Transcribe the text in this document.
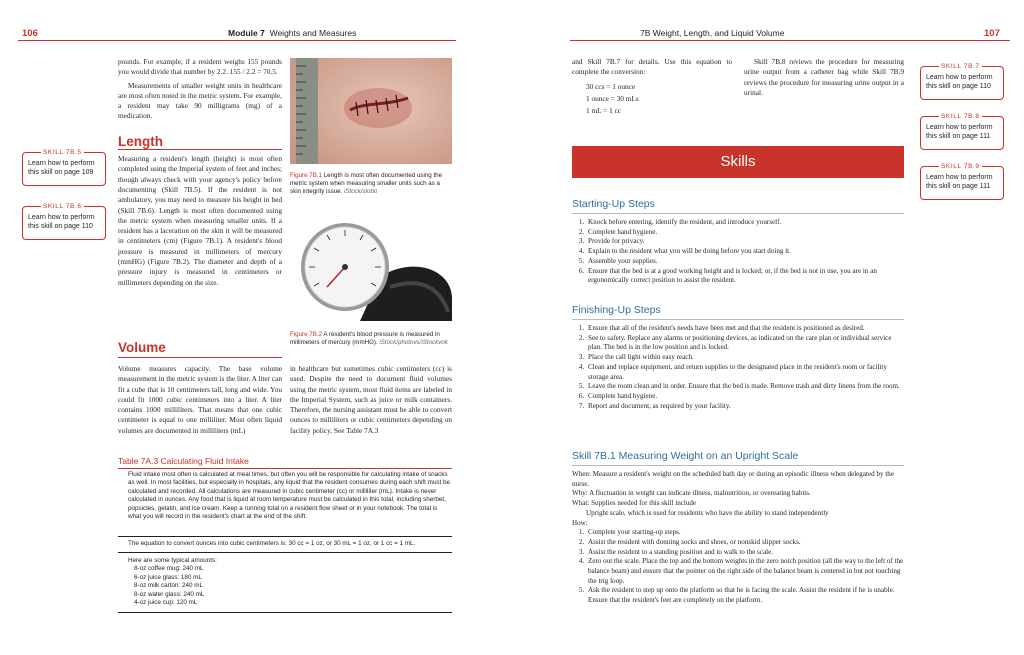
106	Module 7 Weights and Measures
SKILL 7B.5
Learn how to perform this skill on page 109
SKILL 7B.6
Learn how to perform this skill on page 110

pounds. For example, if a resident weighs 155 pounds you would divide that number by 2.2. 155 / 2.2 = 70.5.

Measurements of smaller weight units in healthcare are most often noted in the metric system. For example, a resident may take 90 milligrams (mg) of a medication.

Length

Measuring a resident's length (height) is most often completed using the Imperial system of feet and inches; though always check with your agency's policy before documenting (Skill 7B.5). If the resident is not ambulatory, you may need to measure his height in bed (Skill 7B.6). Length is most often documented using the metric system when measuring smaller units. If a resident has a laceration on the skin it will be measured in centimeters (cm) (Figure 7B.1). A resident's blood pressure is measured in millimeters of mercury (mmHG) (Figure 7B.2). The diameter and depth of a pressure injury is measured in centimeters or millimeters depending on the size.

Figure 7B.1 Length is most often documented using the metric system when measuring smaller units such as a skin integrity issue. iStock/slobo
Figure 7B.2 A resident's blood pressure is measured in millimeters of mercury (mmHG). iStock/photovs/iStockvok
Volume
Volume measures capacity. The base volume measurement in the metric system is the liter. A liter can fit a cube that is 10 centimeters tall, long and wide. You could fit 1000 cubic centimeters into a liter. A liter contains 1000 milliliters. That means that one cubic centimeter is equal to one milliliter. Most often liquid volumes are documented in milliliters (mL)
in healthcare but sometimes cubic centimeters (cc) is used. Despite the need to document fluid volumes using the metric system, most fluid items are labeled in the Imperial System, such as juice or milk containers. Therefore, the nursing assistant must be able to convert ounces to milliliters or cubic centimeters depending on facility policy. See Table 7A.3
Table 7A.3 Calculating Fluid Intake
Fluid intake most often is calculated at meal times, but often you will be responsible for calculating intake of snacks as well. In most facilities, but especially in hospitals, any liquid that the resident consumes during each shift must be calculated and recorded. All calculations are measured in cubic centimeter (cc) or milliliter (mL). Intake is never calculated in ounces. Any food that is liquid at room temperature must be calculated in this total, including sherbet, popsicles, gelatin, and ice cream. Keep a running total on a resident flow sheet or in your notebook. The total is what you will record in the resident's chart at the end of the shift.
The equation to convert ounces into cubic centimeters is: 30 cc = 1 oz, or 30 mL = 1 oz, or 1 cc = 1 mL.
Here are some typical amounts:
8-oz coffee mug: 240 mL
6-oz juice glass: 180 mL
8-oz milk carton: 240 mL
8-oz water glass: 240 mL
4-oz juice cup: 120 mL
7B Weight, Length, and Liquid Volume	107

and Skill 7B.7 for details. Use this equation to complete the conversion:

30 ccs = 1 ounce
1 ounce = 30 mLs
1 mL = 1 cc
Skill 7B.8 reviews the procedure for measuring urine output from a catheter bag while Skill 7B.9 reviews the procedure for measuring urine output in a urinal.
SKILL 7B.7
Learn how to perform this skill on page 110
SKILL 7B.8
Learn how to perform this skill on page 111
SKILL 7B.9
Learn how to perform this skill on page 111
Skills
Starting-Up Steps
1. Knock before entering, identify the resident, and introduce yourself.
2. Complete hand hygiene.
3. Provide for privacy.
4. Explain to the resident what you will be doing before you start doing it.
5. Assemble your supplies.
6. Ensure that the bed is at a good working height and is locked; or, if the bed is not in use, you are in an ergonomically correct position to assist the resident.
Finishing-Up Steps
1. Ensure that all of the resident's needs have been met and that the resident is positioned as desired.
2. See to safety. Replace any alarms or positioning devices, as indicated on the care plan or individual service plan. The bed is in the low position and is locked.
3. Place the call light within easy reach.
4. Clean and replace equipment, and return supplies to the designated place in the resident's room or facility storage area.
5. Leave the room clean and in order. Ensure that the bed is made. Remove trash and dirty linens from the room.
6. Complete hand hygiene.
7. Report and document, as required by your facility.
Skill 7B.1 Measuring Weight on an Upright Scale
When: Measure a resident's weight on the scheduled bath day or during an episodic illness when delegated by the nurse.
Why: A fluctuation in weight can indicate illness, malnutrition, or overeating habits.
What: Supplies needed for this skill include
Upright scale, which is used for residents who have the ability to stand independently
How:
1. Complete your starting-up steps.
2. Assist the resident with donning socks and shoes, or nonskid slipper socks.
3. Assist the resident to a standing position and to walk to the scale.
4. Zero out the scale. Place the top and the bottom weights in the zero notch position (all the way to the left of the balance beam) and ensure that the pointer on the right side of the balance beam is centered in but not touching the trig loop.
5. Ask the resident to step up onto the platform so that he is facing the scale. Assist the resident if he is unable. Ensure that the resident's feet are completely on the platform.
